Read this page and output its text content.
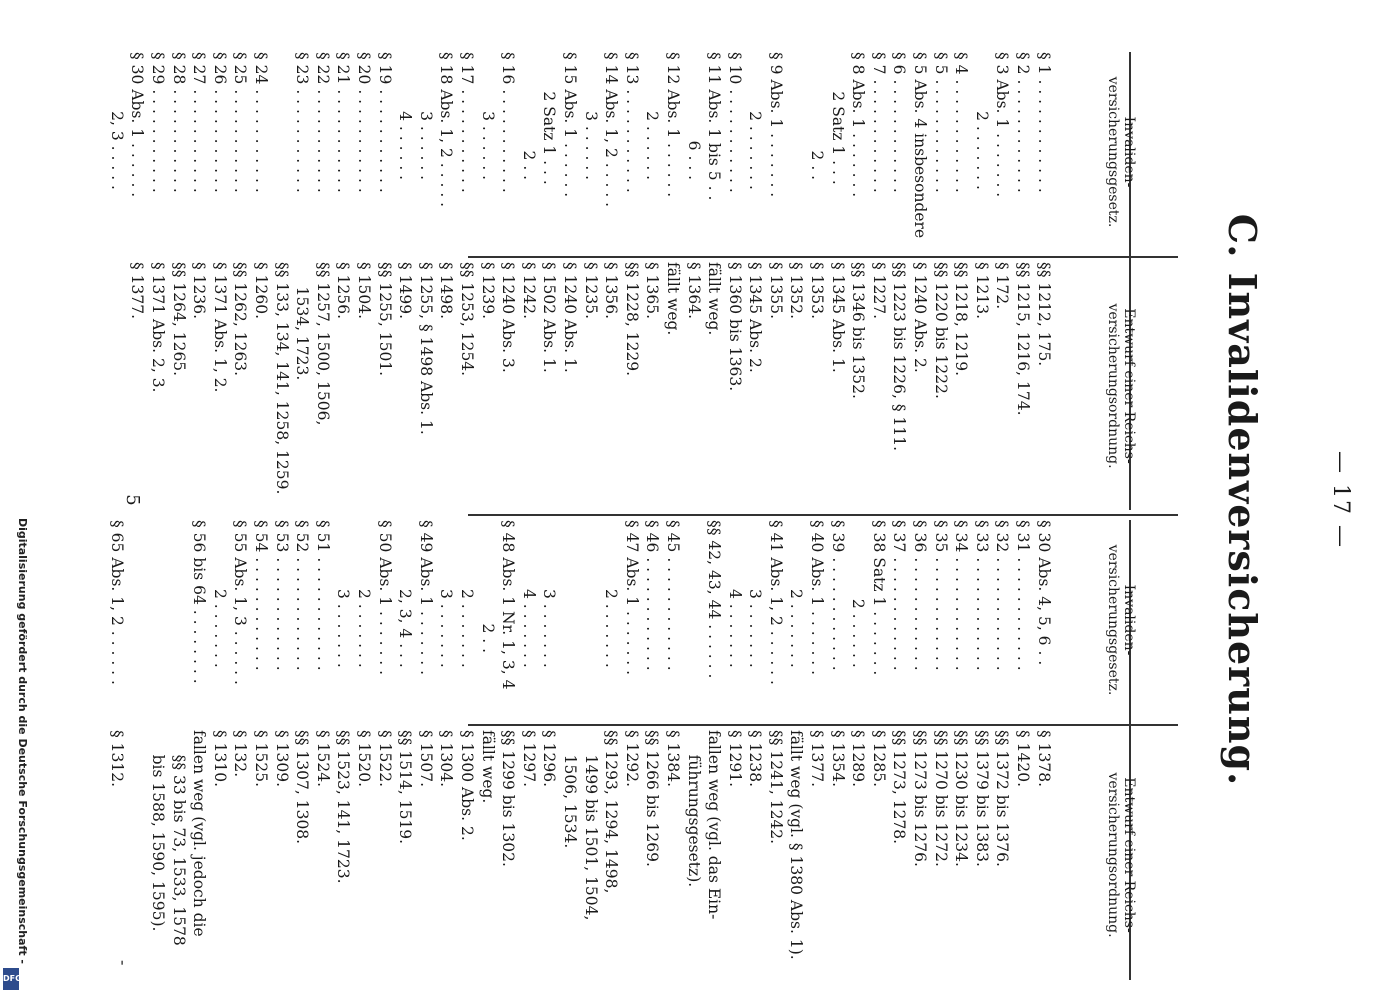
— 17 —
C. Invalidenversicherung.

Invaliden-versicherungsgesetz.

§ 1 . . . . . . . . . . . .
§ 2 . . . . . . . . . . . .
§ 3 Abs. 1 . . . . . . .
2 . . . . . . .
§ 4 . . . . . . . . . . . .
§ 5 . . . . . . . . . . . .
§ 5 Abs. 4 insbesondere
§ 6 . . . . . . . . . . . .
§ 7 . . . . . . . . . . . .
§ 8 Abs. 1 . . . . . . .
2 Satz 1 . . .
2 . .
§ 9 Abs. 1 . . . . . . .
2 . . . . . . .
§ 10 . . . . . . . . . . .
§ 11 Abs. 1 bis 5 . .
6 . . .
§ 12 Abs. 1 . . . . . .
2 . . . . . .
§ 13 . . . . . . . . . . .
§ 14 Abs. 1, 2 . . . . .
3 . . . . . .
§ 15 Abs. 1 . . . . . .
2 Satz 1 . . .
2 . .
§ 16 . . . . . . . . . . .
3 . . . . . .
§ 17 . . . . . . . . . . .
§ 18 Abs. 1, 2 . . . . .
3 . . . . . .
4 . . . . . .
§ 19 . . . . . . . . . . .
§ 20 . . . . . . . . . . .
§ 21 . . . . . . . . . . .
§ 22 . . . . . . . . . . .
§ 23 . . . . . . . . . . .
§ 24 . . . . . . . . . . .
§ 25 . . . . . . . . . . .
§ 26 . . . . . . . . . . .
§ 27 . . . . . . . . . . .
§ 28 . . . . . . . . . . .
§ 29 . . . . . . . . . . .
§ 30 Abs. 1 . . . . . .
2, 3 . . . . .

Entwurf einer Reichs-versicherungsordnung.

§§ 1212, 175.
§§ 1215, 1216, 174.
§ 172.
§ 1213.
§§ 1218, 1219.
§§ 1220 bis 1222.
§ 1240 Abs. 2.
§§ 1223 bis 1226, § 111.
§ 1227.
§§ 1346 bis 1352.
§ 1345 Abs. 1.
§ 1353.
§ 1352.
§ 1355.
§ 1345 Abs. 2.
§ 1360 bis 1363.
fällt weg.
§ 1364.
fällt weg.
§ 1365.
§§ 1228, 1229.
§ 1356.
§ 1235.
§ 1240 Abs. 1.
§ 1502 Abs. 1.
§ 1242.
§ 1240 Abs. 3.
§ 1239.
§§ 1253, 1254.
§ 1498.
§ 1255, § 1498 Abs. 1.
§ 1499.
§§ 1255, 1501.
§ 1504.
§ 1256.
§§ 1257, 1500, 1506,
1534, 1723.
§§ 133, 134, 141, 1258, 1259.
§ 1260.
§§ 1262, 1263.
§ 1371 Abs. 1, 2.
§ 1236.
§§ 1264, 1265.
§ 1371 Abs. 2, 3.
§ 1377.

Invaliden-versicherungsgesetz.

§ 30 Abs. 4, 5, 6 . .
§ 31 . . . . . . . . . . . .
§ 32 . . . . . . . . . . . .
§ 33 . . . . . . . . . . . .
§ 34 . . . . . . . . . . . .
§ 35 . . . . . . . . . . . .
§ 36 . . . . . . . . . . . .
§ 37 . . . . . . . . . . . .
§ 38 Satz 1 . . . . . . .
2 . . . . . .
§ 39 . . . . . . . . . . . .
§ 40 Abs. 1 . . . . . . .
2 . . . . . . .
§ 41 Abs. 1, 2 . . . . . .
3 . . . . . . .
4 . . . . . . .
§§ 42, 43, 44 . . . . . .
§ 45 . . . . . . . . . . . .
§ 46 . . . . . . . . . . . .
§ 47 Abs. 1 . . . . . . .
2 . . . . . . .
3 . . . . . . .
4 . . . . . . .
§ 48 Abs. 1 Nr. 1, 3, 4
2 . .
2 . . . . . . .
3 . . . . . . .
§ 49 Abs. 1 . . . . . . .
2, 3, 4 . . .
§ 50 Abs. 1 . . . . . . .
2 . . . . . . .
3 . . . . . . .
§ 51 . . . . . . . . . . . .
§ 52 . . . . . . . . . . . .
§ 53 . . . . . . . . . . . .
§ 54 . . . . . . . . . . . .
§ 55 Abs. 1, 3 . . . . . .
2 . . . . . . .
§ 56 bis 64 . . . . . . . .
§ 65 Abs. 1, 2 . . . . . .

Entwurf einer Reichs-versicherungsordnung.

§ 1378.
§ 1420.
§§ 1372 bis 1376.
§§ 1379 bis 1383.
§§ 1230 bis 1234.
§§ 1270 bis 1272.
§§ 1273 bis 1276.
§§ 1273, 1278.
§ 1285.
§ 1289.
§ 1354.
§ 1377.
fällt weg (vgl. § 1380 Abs. 1).
§§ 1241, 1242.
§ 1238.
§ 1291.
fallen weg (vgl. das Ein-
führungsgesetz).
§ 1384.
§§ 1266 bis 1269.
§ 1292.
§§ 1293, 1294, 1498,
1499 bis 1501, 1504,
1506, 1534.
§ 1296.
§ 1297.
§§ 1299 bis 1302.
fällt weg.
§ 1300 Abs. 2.
§ 1304.
§ 1507.
§§ 1514, 1519.
§ 1522.
§ 1520.
§§ 1523, 141, 1723.
§ 1524.
§§ 1307, 1308.
§ 1309.
§ 1525.
§ 132.
§ 1310.
fallen weg (vgl. jedoch die
§§ 33 bis 73, 1533, 1578
bis 1588, 1590, 1595).
§ 1312.

5
-
Digitalisierung gefördert durch die Deutsche Forschungsgemeinschaft -
DFG
